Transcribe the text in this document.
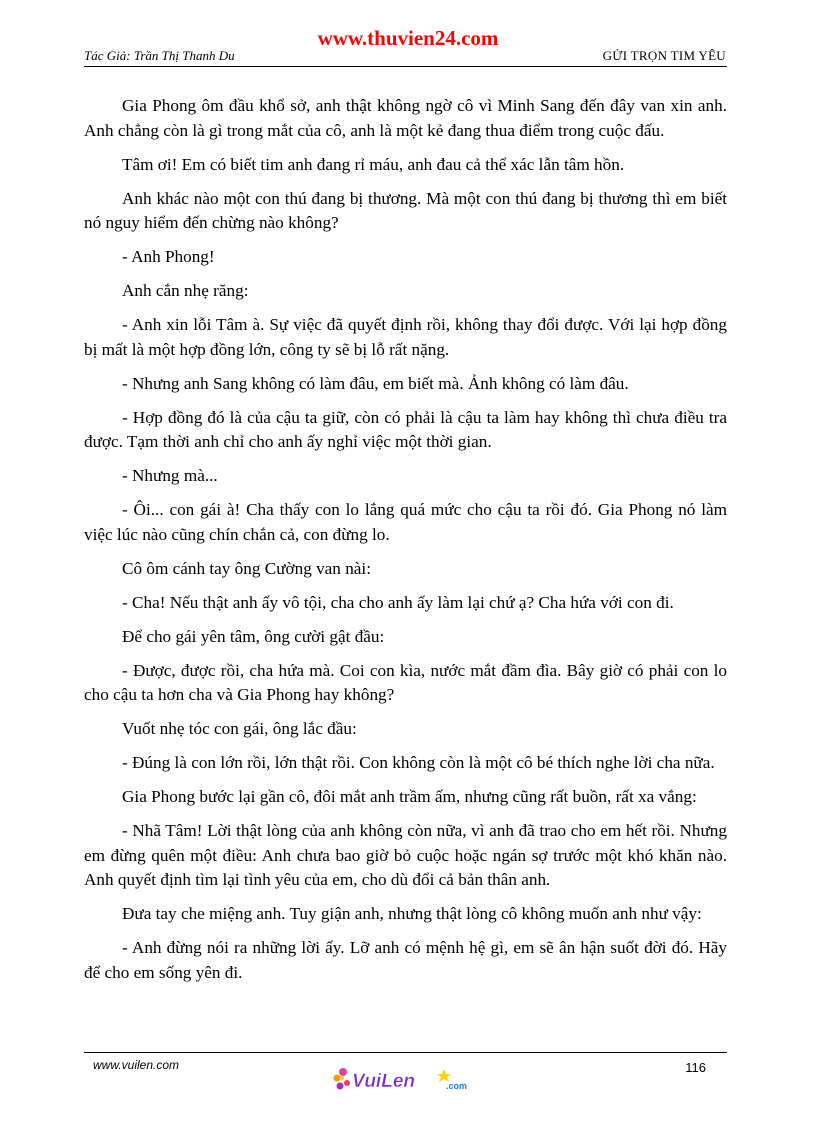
www.thuvien24.com
Tác Giả: Trần Thị Thanh Du	GỬI TRỌN TIM YÊU

Gia Phong ôm đầu khổ sở, anh thật không ngờ cô vì Minh Sang đến đây van xin anh. Anh chẳng còn là gì trong mắt của cô, anh là một kẻ đang thua điểm trong cuộc đấu.

Tâm ơi! Em có biết tim anh đang rỉ máu, anh đau cả thể xác lẫn tâm hồn.

Anh khác nào một con thú đang bị thương. Mà một con thú đang bị thương thì em biết nó nguy hiểm đến chừng nào không?

- Anh Phong!

Anh cắn nhẹ răng:

- Anh xin lỗi Tâm à. Sự việc đã quyết định rồi, không thay đổi được. Với lại hợp đồng bị mất là một hợp đồng lớn, công ty sẽ bị lỗ rất nặng.

- Nhưng anh Sang không có làm đâu, em biết mà. Ảnh không có làm đâu.

- Hợp đồng đó là của cậu ta giữ, còn có phải là cậu ta làm hay không thì chưa điều tra được. Tạm thời anh chỉ cho anh ấy nghỉ việc một thời gian.

- Nhưng mà...

- Ôi... con gái à! Cha thấy con lo lắng quá mức cho cậu ta rồi đó. Gia Phong nó làm việc lúc nào cũng chín chắn cả, con đừng lo.

Cô ôm cánh tay ông Cường van nài:

- Cha! Nếu thật anh ấy vô tội, cha cho anh ấy làm lại chứ ạ? Cha hứa với con đi.

Để cho gái yên tâm, ông cười gật đầu:

- Được, được rồi, cha hứa mà. Coi con kìa, nước mắt đầm đìa. Bây giờ có phải con lo cho cậu ta hơn cha và Gia Phong hay không?

Vuốt nhẹ tóc con gái, ông lắc đầu:

- Đúng là con lớn rồi, lớn thật rồi. Con không còn là một cô bé thích nghe lời cha nữa.

Gia Phong bước lại gần cô, đôi mắt anh trầm ấm, nhưng cũng rất buồn, rất xa vắng:

- Nhã Tâm! Lời thật lòng của anh không còn nữa, vì anh đã trao cho em hết rồi. Nhưng em đừng quên một điều: Anh chưa bao giờ bỏ cuộc hoặc ngán sợ trước một khó khăn nào. Anh quyết định tìm lại tình yêu của em, cho dù đổi cả bản thân anh.

Đưa tay che miệng anh. Tuy giận anh, nhưng thật lòng cô không muốn anh như vậy:

- Anh đừng nói ra những lời ấy. Lỡ anh có mệnh hệ gì, em sẽ ân hận suốt đời đó. Hãy để cho em sống yên đi.

www.vuilen.com	116
VuiLen	.com
